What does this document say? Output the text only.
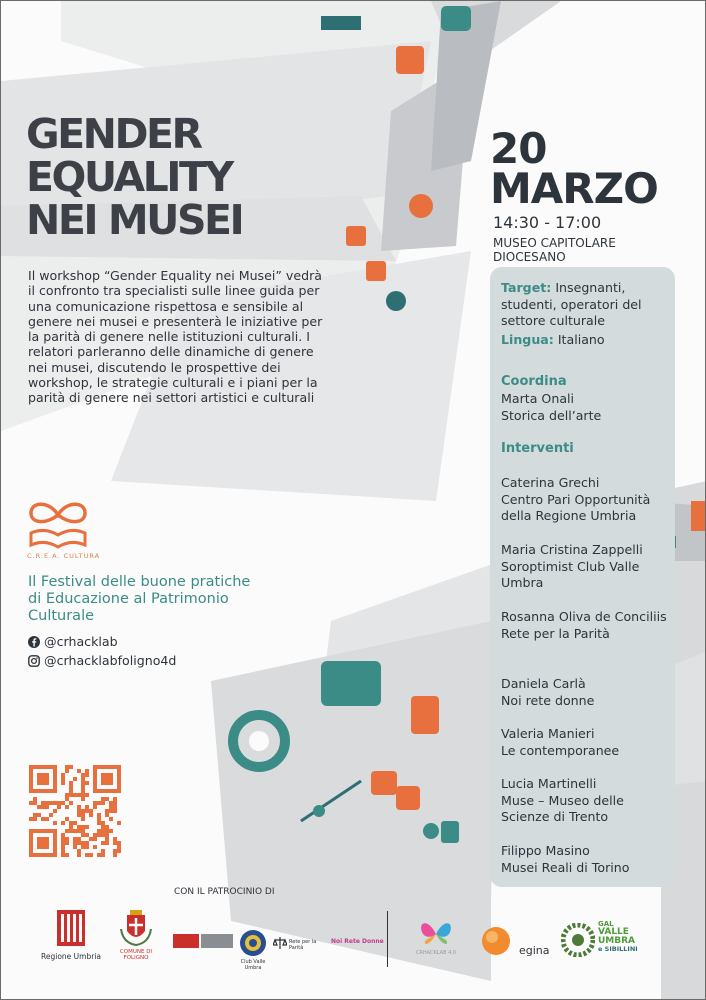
GENDER
EQUALITY
NEI MUSEI
20
MARZO
14:30 - 17:00
MUSEO CAPITOLARE
DIOCESANO

Il workshop “Gender Equality nei Musei” vedrà il confronto tra specialisti sulle linee guida per una comunicazione rispettosa e sensibile al genere nei musei e presenterà le iniziative per la parità di genere nelle istituzioni culturali. I relatori parleranno delle dinamiche di genere nei musei, discutendo le prospettive dei workshop, le strategie culturali e i piani per la parità di genere nei settori artistici e culturali

Target: Insegnanti, studenti, operatori del settore culturale
Lingua: Italiano
Coordina
Marta Onali
Storica dell’arte
Interventi
Caterina Grechi
Centro Pari Opportunità della Regione Umbria
Maria Cristina Zappelli
Soroptimist Club Valle Umbra
Rosanna Oliva de Conciliis
Rete per la Parità
Daniela Carlà
Noi rete donne
Valeria Manieri
Le contemporanee
Lucia Martinelli
Muse – Museo delle Scienze di Trento
Filippo Masino
Musei Reali di Torino
C.R.E.A. CULTURA
Il Festival delle buone pratiche di Educazione al Patrimonio Culturale
@crhacklab
@crhacklabfoligno4d
CON IL PATROCINIO DI
Regione Umbria	COMUNE DI FOLIGNO
Club Valle Umbra
Rete per la Parità
Noi Rete Donne
CRHACKLAB 4.0	egina
GAL
VALLE
UMBRA
e SIBILLINI
